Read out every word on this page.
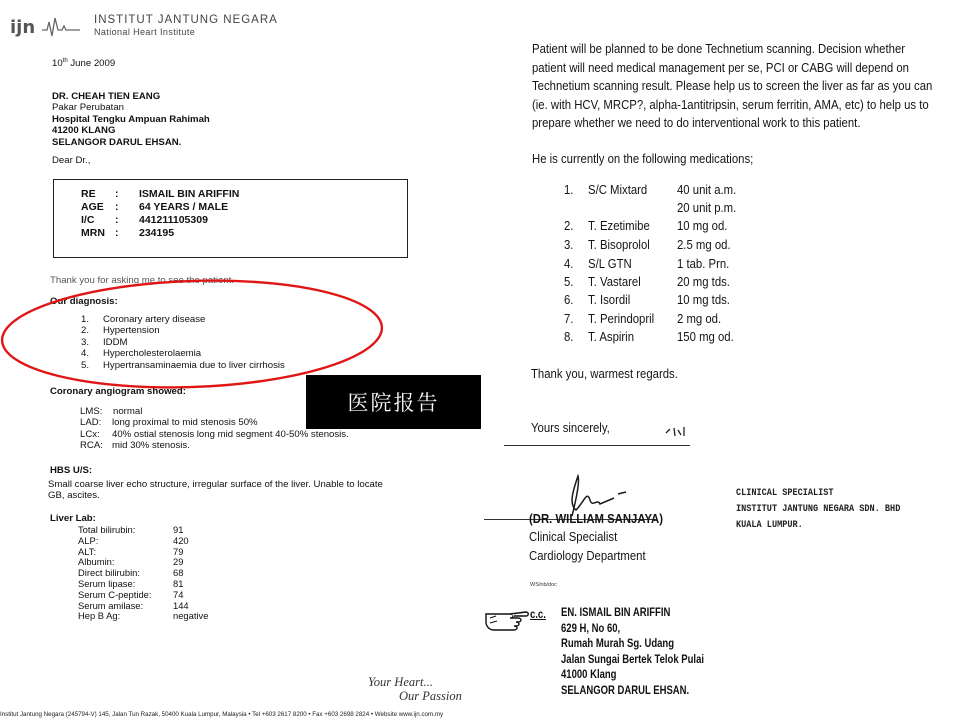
ijn	INSTITUT JANTUNG NEGARA
National Heart Institute
10th June 2009
DR. CHEAH TIEN EANG
Pakar Perubatan
Hospital Tengku Ampuan Rahimah
41200 KLANG
SELANGOR DARUL EHSAN.
Dear Dr.,
RE : ISMAIL BIN ARIFFIN
AGE : 64 YEARS / MALE
I/C : 441211105309
MRN : 234195
Thank you for asking me to see the patient.
Our diagnosis:
1. Coronary artery disease
2. Hypertension
3. IDDM
4. Hypercholesterolaemia
5. Hypertransaminaemia due to liver cirrhosis
Coronary angiogram showed:
LMS: normal
LAD: long proximal to mid stenosis 50%
LCx: 40% ostial stenosis long mid segment 40-50% stenosis.
RCA: mid 30% stenosis.
HBS U/S:
Small coarse liver echo structure, irregular surface of the liver. Unable to locate
GB, ascites.
Liver Lab:
Total bilirubin:	91
ALP:	420
ALT:	79
Albumin:	29
Direct bilirubin:	68
Serum lipase:	81
Serum C-peptide: 74
Serum amilase:	144
Hep B Ag:	negative
Your Heart...
Our Passion
Institut Jantung Negara (245794-V) 145, Jalan Tun Razak, 50400 Kuala Lumpur, Malaysia • Tel +603 2617 8200 • Fax +603 2698 2824 • Website www.ijn.com.my
医院报告
Patient will be planned to be done Technetium scanning. Decision whether
patient will need medical management per se, PCI or CABG will depend on
Technetium scanning result. Please help us to screen the liver as far as you can
(ie. with HCV, MRCP?, alpha-1antitripsin, serum ferritin, AMA, etc) to help us to
prepare whether we need to do interventional work to this patient.
He is currently on the following medications;
1. S/C Mixtard 40 unit a.m.
20 unit p.m.
2. T. Ezetimibe 10 mg od.
3. T. Bisoprolol 2.5 mg od.
4. S/L GTN	1 tab. Prn.
5. T. Vastarel	20 mg tds.
6. T. Isordil	10 mg tds.
7. T. Perindopril 2 mg od.
8. T. Aspirin	150 mg od.
Thank you, warmest regards.
Yours sincerely,
(DR. WILLIAM SANJAYA)
Clinical Specialist
Cardiology Department
WS/nb/doc
CLINICAL SPECIALIST
INSTITUT JANTUNG NEGARA SDN. BHD
KUALA LUMPUR.
c.c. EN. ISMAIL BIN ARIFFIN
629 H, No 60,
Rumah Murah Sg. Udang
Jalan Sungai Bertek Telok Pulai
41000 Klang
SELANGOR DARUL EHSAN.
